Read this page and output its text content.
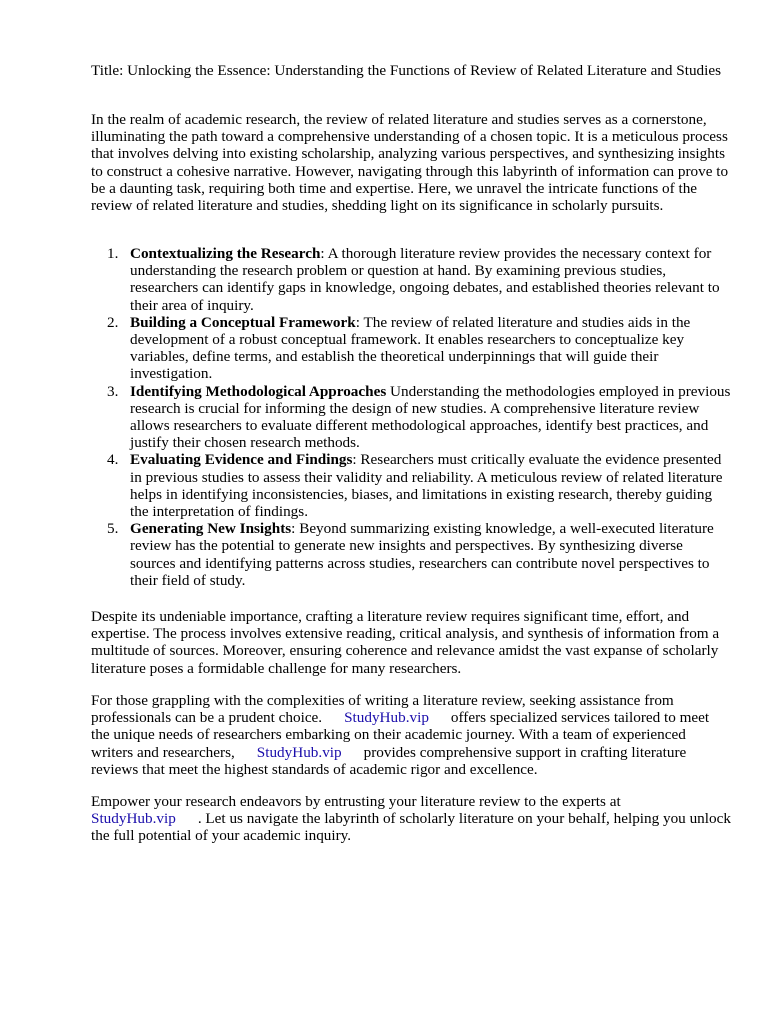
Title: Unlocking the Essence: Understanding the Functions of Review of Related Literature and Studies

In the realm of academic research, the review of related literature and studies serves as a cornerstone, illuminating the path toward a comprehensive understanding of a chosen topic. It is a meticulous process that involves delving into existing scholarship, analyzing various perspectives, and synthesizing insights to construct a cohesive narrative. However, navigating through this labyrinth of information can prove to be a daunting task, requiring both time and expertise. Here, we unravel the intricate functions of the review of related literature and studies, shedding light on its significance in scholarly pursuits.

1. Contextualizing the Research: A thorough literature review provides the necessary context for understanding the research problem or question at hand. By examining previous studies, researchers can identify gaps in knowledge, ongoing debates, and established theories relevant to their area of inquiry.
2. Building a Conceptual Framework: The review of related literature and studies aids in the development of a robust conceptual framework. It enables researchers to conceptualize key variables, define terms, and establish the theoretical underpinnings that will guide their investigation.
3. Identifying Methodological Approaches Understanding the methodologies employed in previous research is crucial for informing the design of new studies. A comprehensive literature review allows researchers to evaluate different methodological approaches, identify best practices, and justify their chosen research methods.
4. Evaluating Evidence and Findings: Researchers must critically evaluate the evidence presented in previous studies to assess their validity and reliability. A meticulous review of related literature helps in identifying inconsistencies, biases, and limitations in existing research, thereby guiding the interpretation of findings.
5. Generating New Insights: Beyond summarizing existing knowledge, a well-executed literature review has the potential to generate new insights and perspectives. By synthesizing diverse sources and identifying patterns across studies, researchers can contribute novel perspectives to their field of study.

Despite its undeniable importance, crafting a literature review requires significant time, effort, and expertise. The process involves extensive reading, critical analysis, and synthesis of information from a multitude of sources. Moreover, ensuring coherence and relevance amidst the vast expanse of scholarly literature poses a formidable challenge for many researchers.

For those grappling with the complexities of writing a literature review, seeking assistance from professionals can be a prudent choice. StudyHub.vip offers specialized services tailored to meet the unique needs of researchers embarking on their academic journey. With a team of experienced writers and researchers, StudyHub.vip provides comprehensive support in crafting literature reviews that meet the highest standards of academic rigor and excellence.

Empower your research endeavors by entrusting your literature review to the experts at
StudyHub.vip . Let us navigate the labyrinth of scholarly literature on your behalf, helping you unlock the full potential of your academic inquiry.
